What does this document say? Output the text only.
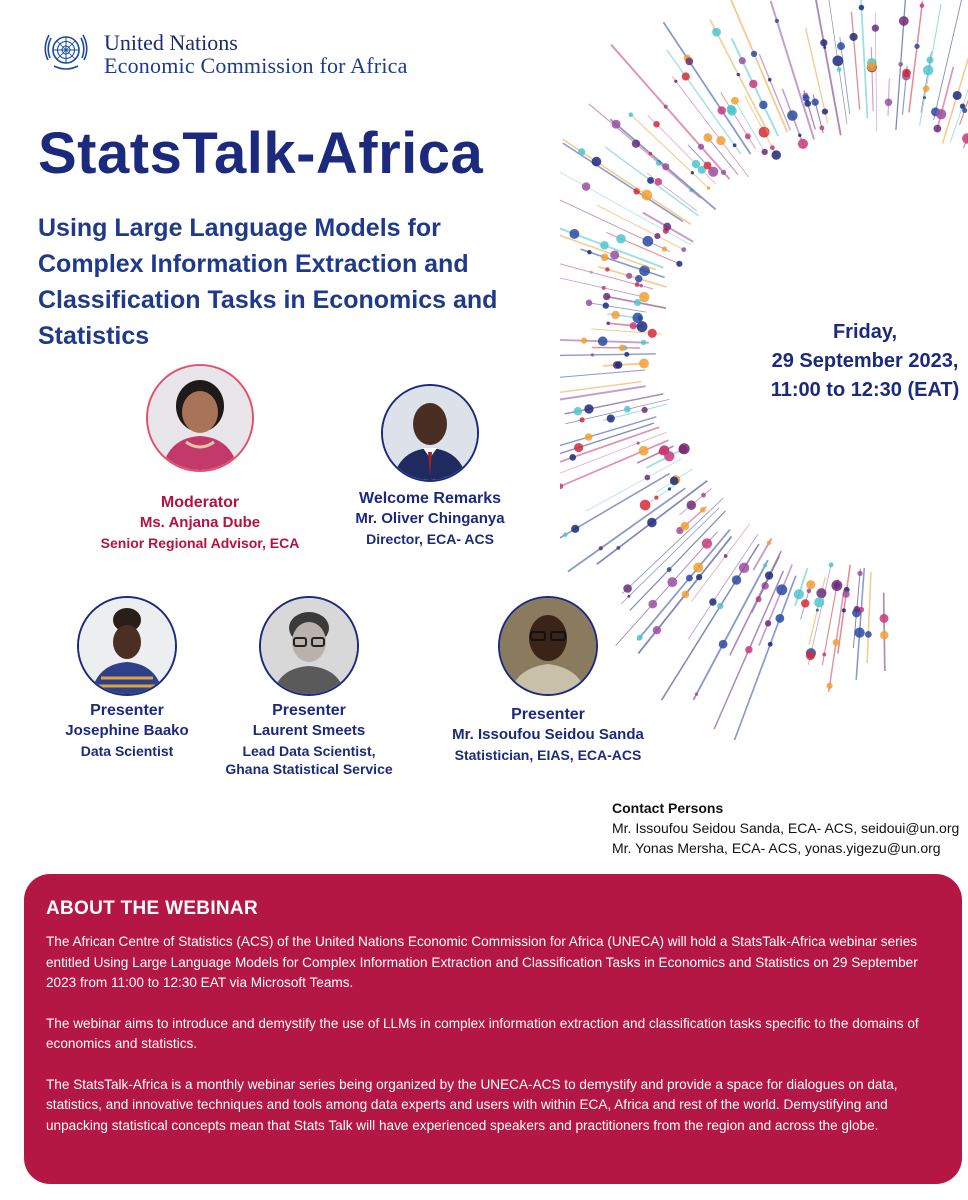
United Nations
Economic Commission for Africa
StatsTalk-Africa
Using Large Language Models for Complex Information Extraction and Classification Tasks in Economics and Statistics	Friday,
29 September 2023,
11:00 to 12:30 (EAT)
Moderator
Ms. Anjana Dube
Senior Regional Advisor, ECA
Welcome Remarks
Mr. Oliver Chinganya
Director, ECA- ACS
Presenter
Josephine Baako
Data Scientist
Presenter
Laurent Smeets
Lead Data Scientist,
Ghana Statistical Service
Presenter
Mr. Issoufou Seidou Sanda
Statistician, EIAS, ECA-ACS
Contact Persons
Mr. Issoufou Seidou Sanda, ECA- ACS, seidoui@un.org
Mr. Yonas Mersha, ECA- ACS, yonas.yigezu@un.org
ABOUT THE WEBINAR

The African Centre of Statistics (ACS) of the United Nations Economic Commission for Africa (UNECA) will hold a StatsTalk-Africa webinar series entitled Using Large Language Models for Complex Information Extraction and Classification Tasks in Economics and Statistics on 29 September 2023 from 11:00 to 12:30 EAT via Microsoft Teams.

The webinar aims to introduce and demystify the use of LLMs in complex information extraction and classification tasks specific to the domains of economics and statistics.

The StatsTalk-Africa is a monthly webinar series being organized by the UNECA-ACS to demystify and provide a space for dialogues on data, statistics, and innovative techniques and tools among data experts and users with within ECA, Africa and rest of the world. Demystifying and unpacking statistical concepts mean that Stats Talk will have experienced speakers and practitioners from the region and across the globe.
